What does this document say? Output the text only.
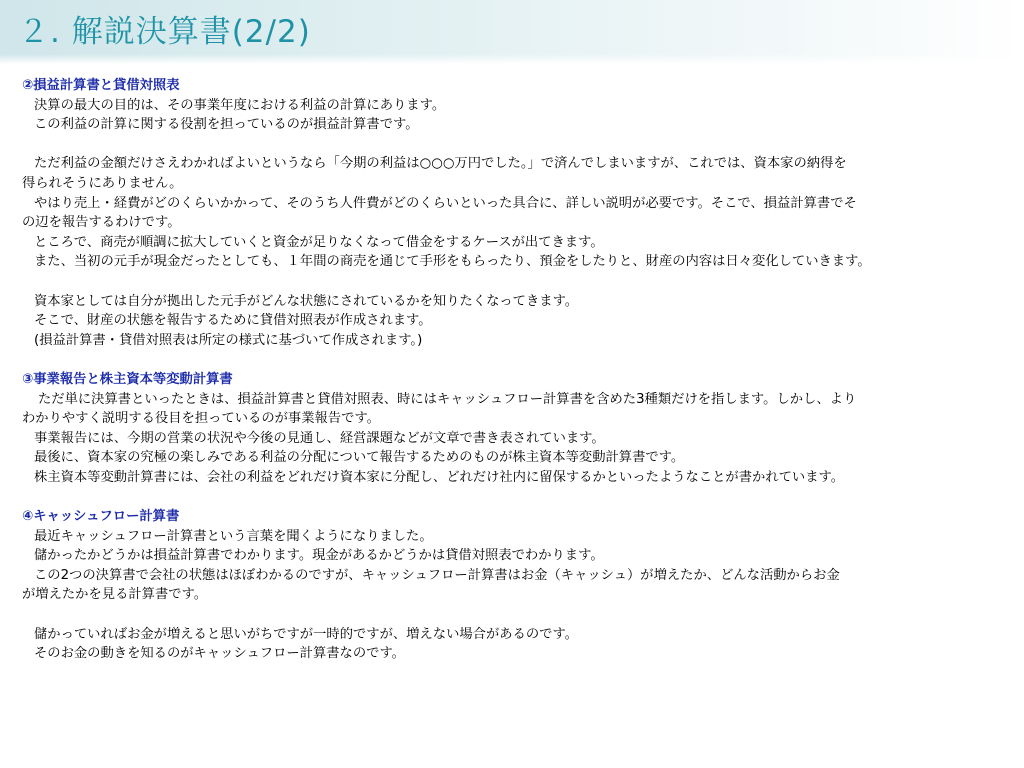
２. 解説決算書(2/2)
②損益計算書と貸借対照表
決算の最大の目的は、その事業年度における利益の計算にあります。
この利益の計算に関する役割を担っているのが損益計算書です。
ただ利益の金額だけさえわかればよいというなら「今期の利益は○○○万円でした。」で済んでしまいますが、これでは、資本家の納得を
得られそうにありません。
やはり売上・経費がどのくらいかかって、そのうち人件費がどのくらいといった具合に、詳しい説明が必要です。そこで、損益計算書でそ
の辺を報告するわけです。
ところで、商売が順調に拡大していくと資金が足りなくなって借金をするケースが出てきます。
また、当初の元手が現金だったとしても、１年間の商売を通じて手形をもらったり、預金をしたりと、財産の内容は日々変化していきます。
資本家としては自分が拠出した元手がどんな状態にされているかを知りたくなってきます。
そこで、財産の状態を報告するために貸借対照表が作成されます。
(損益計算書・貸借対照表は所定の様式に基づいて作成されます。)
③事業報告と株主資本等変動計算書
ただ単に決算書といったときは、損益計算書と貸借対照表、時にはキャッシュフロー計算書を含めた3種類だけを指します。しかし、より
わかりやすく説明する役目を担っているのが事業報告です。
事業報告には、今期の営業の状況や今後の見通し、経営課題などが文章で書き表されています。
最後に、資本家の究極の楽しみである利益の分配について報告するためのものが株主資本等変動計算書です。
株主資本等変動計算書には、会社の利益をどれだけ資本家に分配し、どれだけ社内に留保するかといったようなことが書かれています。
④キャッシュフロー計算書
最近キャッシュフロー計算書という言葉を聞くようになりました。
儲かったかどうかは損益計算書でわかります。現金があるかどうかは貸借対照表でわかります。
この2つの決算書で会社の状態はほぼわかるのですが、キャッシュフロー計算書はお金（キャッシュ）が増えたか、どんな活動からお金
が増えたかを見る計算書です。
儲かっていればお金が増えると思いがちですが一時的ですが、増えない場合があるのです。
そのお金の動きを知るのがキャッシュフロー計算書なのです。
